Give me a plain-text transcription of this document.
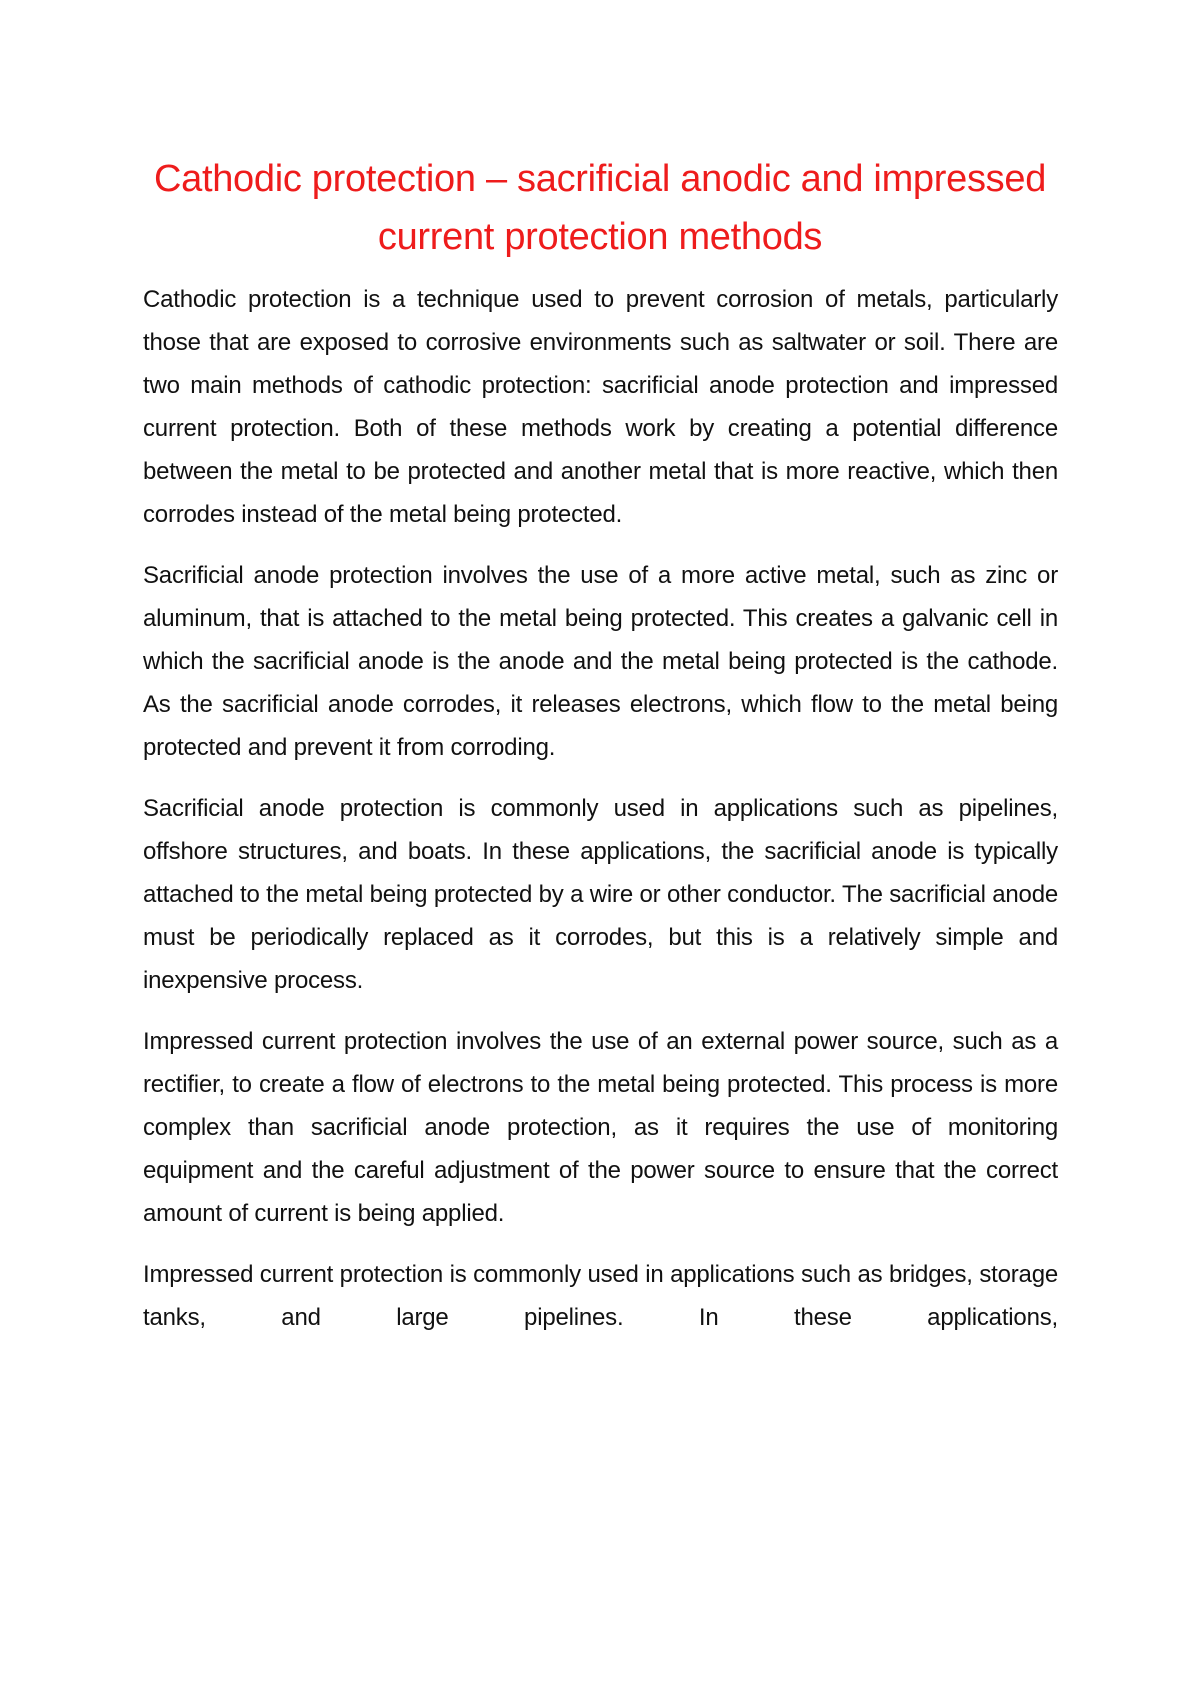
Cathodic protection – sacrificial anodic and impressed current protection methods

Cathodic protection is a technique used to prevent corrosion of metals, particularly those that are exposed to corrosive environments such as saltwater or soil. There are two main methods of cathodic protection: sacrificial anode protection and impressed current protection. Both of these methods work by creating a potential difference between the metal to be protected and another metal that is more reactive, which then corrodes instead of the metal being protected.

Sacrificial anode protection involves the use of a more active metal, such as zinc or aluminum, that is attached to the metal being protected. This creates a galvanic cell in which the sacrificial anode is the anode and the metal being protected is the cathode. As the sacrificial anode corrodes, it releases electrons, which flow to the metal being protected and prevent it from corroding.

Sacrificial anode protection is commonly used in applications such as pipelines, offshore structures, and boats. In these applications, the sacrificial anode is typically attached to the metal being protected by a wire or other conductor. The sacrificial anode must be periodically replaced as it corrodes, but this is a relatively simple and inexpensive process.

Impressed current protection involves the use of an external power source, such as a rectifier, to create a flow of electrons to the metal being protected. This process is more complex than sacrificial anode protection, as it requires the use of monitoring equipment and the careful adjustment of the power source to ensure that the correct amount of current is being applied.

Impressed current protection is commonly used in applications such as bridges, storage tanks, and large pipelines. In these applications,
